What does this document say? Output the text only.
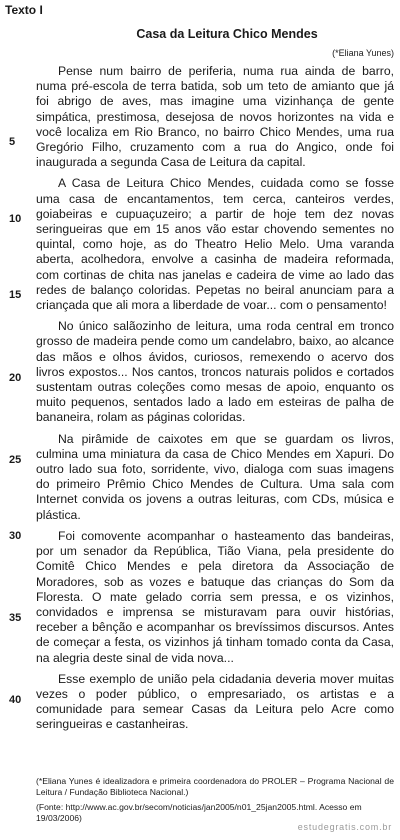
Texto I
Casa da Leitura Chico Mendes
(*Eliana Yunes)
5
10
15
20
25
30
35
40

Pense num bairro de periferia, numa rua ainda de barro, numa pré-escola de terra batida, sob um teto de amianto que já foi abrigo de aves, mas imagine uma vizinhança de gente simpática, prestimosa, desejosa de novos horizontes na vida e você localiza em Rio Branco, no bairro Chico Mendes, uma rua Gregório Filho, cruzamento com a rua do Angico, onde foi inaugurada a segunda Casa de Leitura da capital.

A Casa de Leitura Chico Mendes, cuidada como se fosse uma casa de encantamentos, tem cerca, canteiros verdes, goiabeiras e cupuaçuzeiro; a partir de hoje tem dez novas seringueiras que em 15 anos vão estar chovendo sementes no quintal, como hoje, as do Theatro Helio Melo. Uma varanda aberta, acolhedora, envolve a casinha de madeira reformada, com cortinas de chita nas janelas e cadeira de vime ao lado das redes de balanço coloridas. Pepetas no beiral anunciam para a criançada que ali mora a liberdade de voar... com o pensamento!

No único salãozinho de leitura, uma roda central em tronco grosso de madeira pende como um candelabro, baixo, ao alcance das mãos e olhos ávidos, curiosos, remexendo o acervo dos livros expostos... Nos cantos, troncos naturais polidos e cortados sustentam outras coleções como mesas de apoio, enquanto os muito pequenos, sentados lado a lado em esteiras de palha de bananeira, rolam as páginas coloridas.

Na pirâmide de caixotes em que se guardam os livros, culmina uma miniatura da casa de Chico Mendes em Xapuri. Do outro lado sua foto, sorridente, vivo, dialoga com suas imagens do primeiro Prêmio Chico Mendes de Cultura. Uma sala com Internet convida os jovens a outras leituras, com CDs, música e plástica.

Foi comovente acompanhar o hasteamento das bandeiras, por um senador da República, Tião Viana, pela presidente do Comitê Chico Mendes e pela diretora da Associação de Moradores, sob as vozes e batuque das crianças do Som da Floresta. O mate gelado corria sem pressa, e os vizinhos, convidados e imprensa se misturavam para ouvir histórias, receber a bênção e acompanhar os brevíssimos discursos. Antes de começar a festa, os vizinhos já tinham tomado conta da Casa, na alegria deste sinal de vida nova...

Esse exemplo de união pela cidadania deveria mover muitas vezes o poder público, o empresariado, os artistas e a comunidade para semear Casas da Leitura pelo Acre como seringueiras e castanheiras.

(*Eliana Yunes é idealizadora e primeira coordenadora do PROLER – Programa Nacional de Leitura / Fundação Biblioteca Nacional.)
(Fonte: http://www.ac.gov.br/secom/noticias/jan2005/n01_25jan2005.html. Acesso em 19/03/2006)
estudegratis.com.br
